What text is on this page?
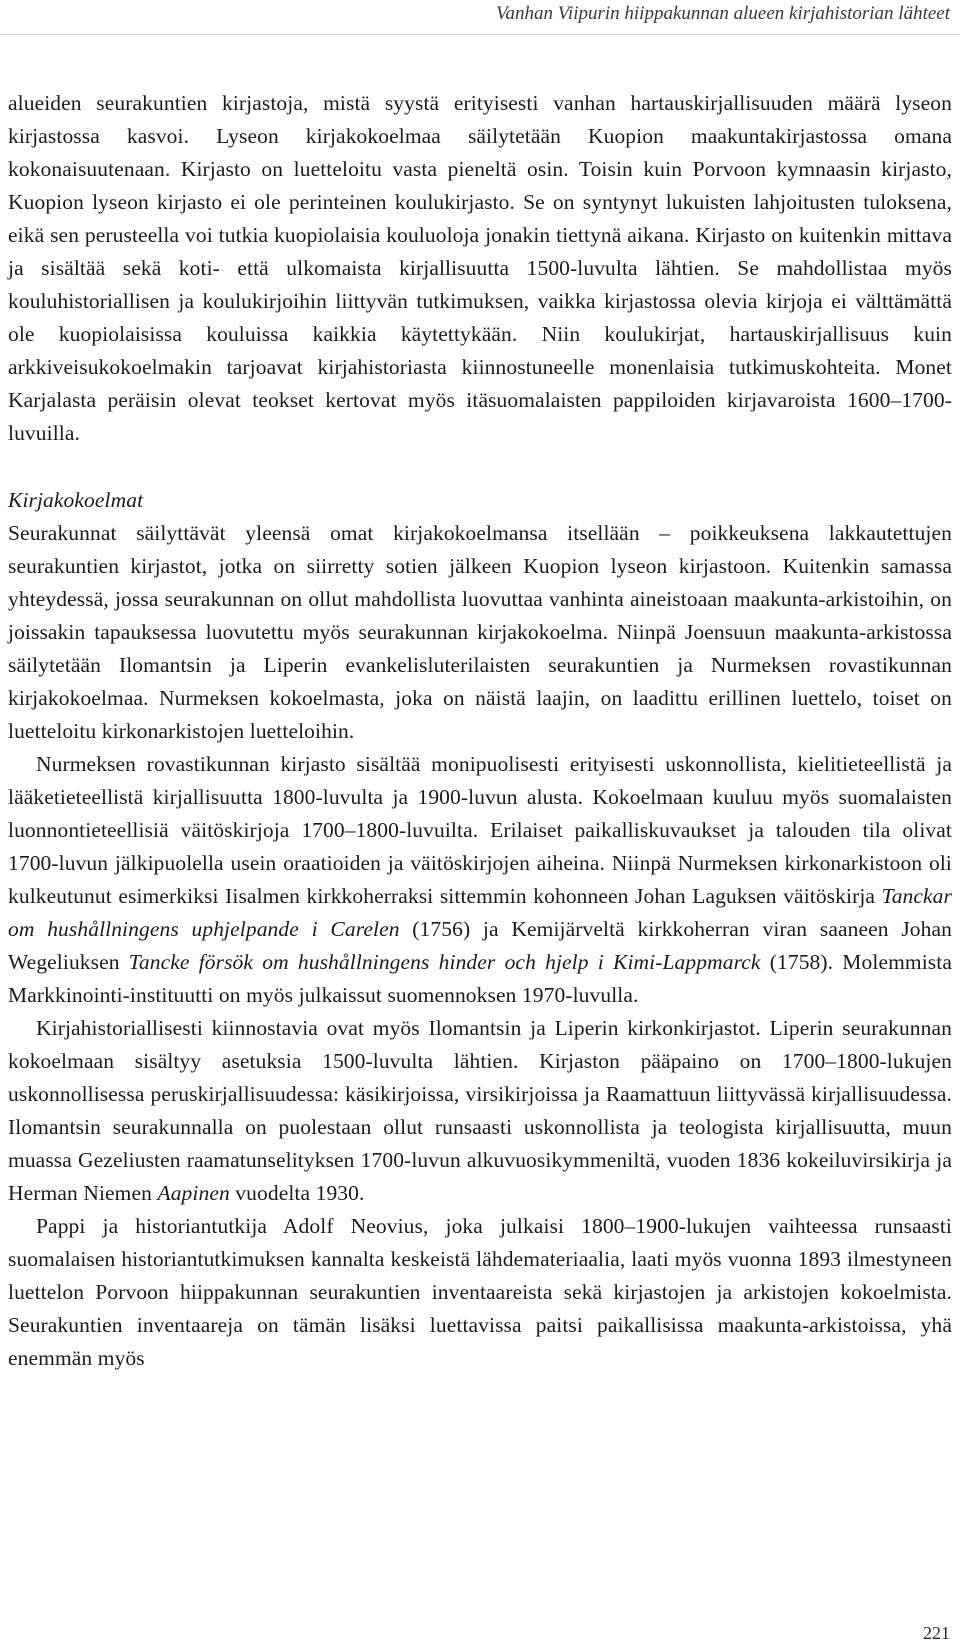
Vanhan Viipurin hiippakunnan alueen kirjahistorian lähteet

alueiden seurakuntien kirjastoja, mistä syystä erityisesti vanhan hartauskirjallisuuden määrä lyseon kirjastossa kasvoi. Lyseon kirjakokoelmaa säilytetään Kuopion maakuntakirjastossa omana kokonaisuutenaan. Kirjasto on luetteloitu vasta pieneltä osin. Toisin kuin Porvoon kymnaasin kirjasto, Kuopion lyseon kirjasto ei ole perinteinen koulukirjasto. Se on syntynyt lukuisten lahjoitusten tuloksena, eikä sen perusteella voi tutkia kuopiolaisia kouluoloja jonakin tiettynä aikana. Kirjasto on kuitenkin mittava ja sisältää sekä koti- että ulkomaista kirjallisuutta 1500-luvulta lähtien. Se mahdollistaa myös kouluhistoriallisen ja koulukirjoihin liittyvän tutkimuksen, vaikka kirjastossa olevia kirjoja ei välttämättä ole kuopiolaisissa kouluissa kaikkia käytettykään. Niin koulukirjat, hartauskirjallisuus kuin arkkiveisukokoelmakin tarjoavat kirjahistoriasta kiinnostuneelle monenlaisia tutkimuskohteita. Monet Karjalasta peräisin olevat teokset kertovat myös itäsuomalaisten pappiloiden kirjavaroista 1600–1700-luvuilla.

Kirjakokoelmat

Seurakunnat säilyttävät yleensä omat kirjakokoelmansa itsellään – poikkeuksena lakkautettujen seurakuntien kirjastot, jotka on siirretty sotien jälkeen Kuopion lyseon kirjastoon. Kuitenkin samassa yhteydessä, jossa seurakunnan on ollut mahdollista luovuttaa vanhinta aineistoaan maakunta-arkistoihin, on joissakin tapauksessa luovutettu myös seurakunnan kirjakokoelma. Niinpä Joensuun maakunta-arkistossa säilytetään Ilomantsin ja Liperin evankelisluterilaisten seurakuntien ja Nurmeksen rovastikunnan kirjakokoelmaa. Nurmeksen kokoelmasta, joka on näistä laajin, on laadittu erillinen luettelo, toiset on luetteloitu kirkonarkistojen luetteloihin.

Nurmeksen rovastikunnan kirjasto sisältää monipuolisesti erityisesti uskonnollista, kielitieteellistä ja lääketieteellistä kirjallisuutta 1800-luvulta ja 1900-luvun alusta. Kokoelmaan kuuluu myös suomalaisten luonnontieteellisiä väitöskirjoja 1700–1800-luvuilta. Erilaiset paikalliskuvaukset ja talouden tila olivat 1700-luvun jälkipuolella usein oraatioiden ja väitöskirjojen aiheina. Niinpä Nurmeksen kirkonarkistoon oli kulkeutunut esimerkiksi Iisalmen kirkkoherraksi sittemmin kohonneen Johan Laguksen väitöskirja Tanckar om hushållningens uphjelpande i Carelen (1756) ja Kemijärveltä kirkkoherran viran saaneen Johan Wegeliuksen Tancke försök om hushållningens hinder och hjelp i Kimi-Lappmarck (1758). Molemmista Markkinointi-instituutti on myös julkaissut suomennoksen 1970-luvulla.

Kirjahistoriallisesti kiinnostavia ovat myös Ilomantsin ja Liperin kirkonkirjastot. Liperin seurakunnan kokoelmaan sisältyy asetuksia 1500-luvulta lähtien. Kirjaston pääpaino on 1700–1800-lukujen uskonnollisessa peruskirjallisuudessa: käsikirjoissa, virsikirjoissa ja Raamattuun liittyvässä kirjallisuudessa. Ilomantsin seurakunnalla on puolestaan ollut runsaasti uskonnollista ja teologista kirjallisuutta, muun muassa Gezeliusten raamatunselityksen 1700-luvun alkuvuosikymmeniltä, vuoden 1836 kokeiluvirsikirja ja Herman Niemen Aapinen vuodelta 1930.

Pappi ja historiantutkija Adolf Neovius, joka julkaisi 1800–1900-lukujen vaihteessa runsaasti suomalaisen historiantutkimuksen kannalta keskeistä lähdemateriaalia, laati myös vuonna 1893 ilmestyneen luettelon Porvoon hiippakunnan seurakuntien inventaareista sekä kirjastojen ja arkistojen kokoelmista. Seurakuntien inventaareja on tämän lisäksi luettavissa paitsi paikallisissa maakunta-arkistoissa, yhä enemmän myös

221
